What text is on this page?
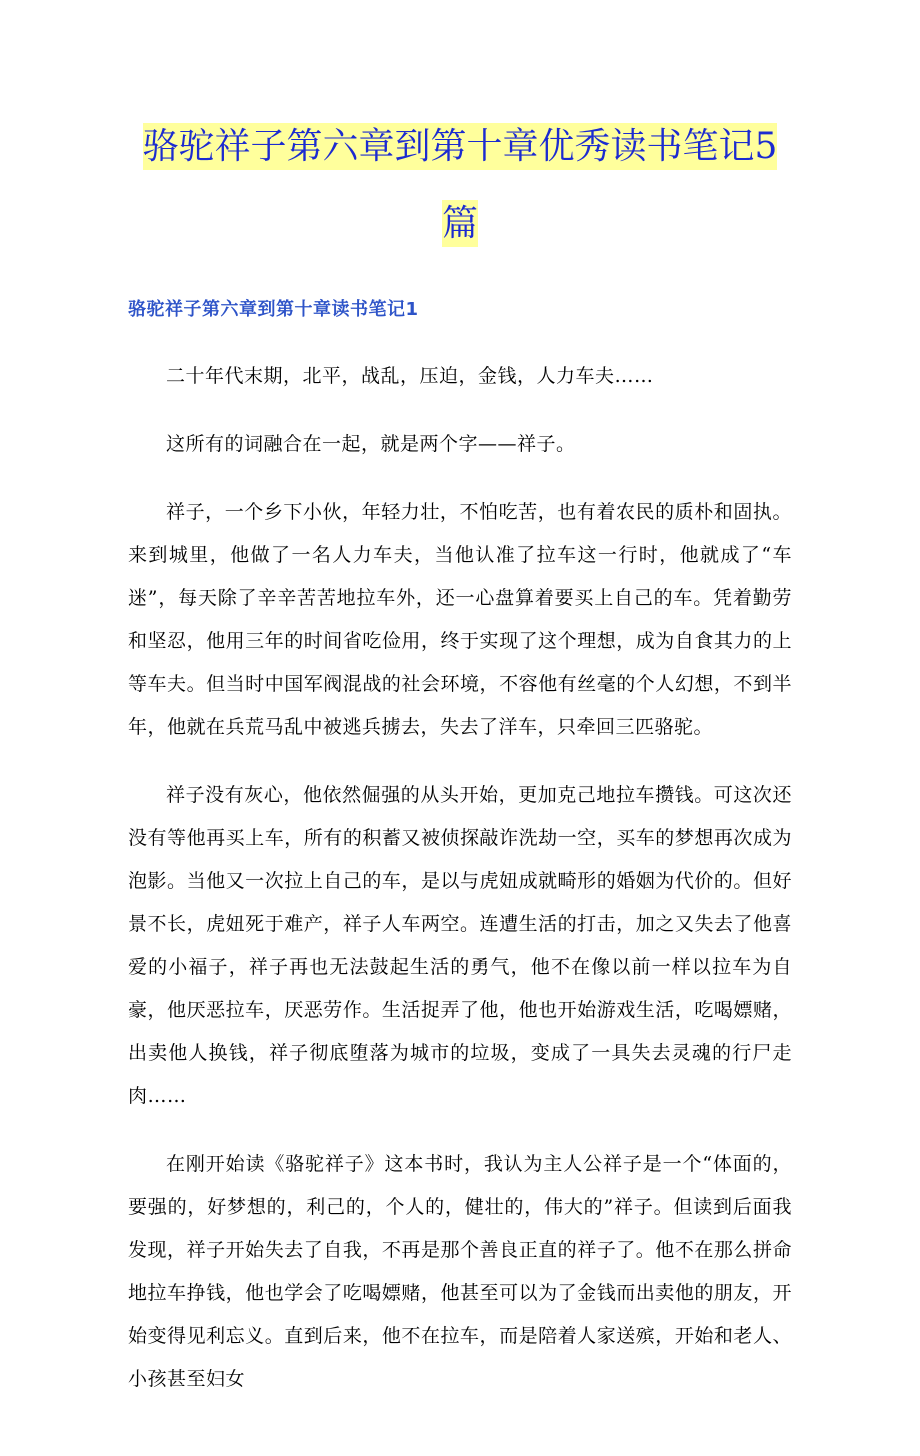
骆驼祥子第六章到第十章优秀读书笔记5篇
骆驼祥子第六章到第十章读书笔记1

二十年代末期，北平，战乱，压迫，金钱，人力车夫……

这所有的词融合在一起，就是两个字——祥子。

祥子，一个乡下小伙，年轻力壮，不怕吃苦，也有着农民的质朴和固执。来到城里，他做了一名人力车夫，当他认准了拉车这一行时，他就成了“车迷”，每天除了辛辛苦苦地拉车外，还一心盘算着要买上自己的车。凭着勤劳和坚忍，他用三年的时间省吃俭用，终于实现了这个理想，成为自食其力的上等车夫。但当时中国军阀混战的社会环境，不容他有丝毫的个人幻想，不到半年，他就在兵荒马乱中被逃兵掳去，失去了洋车，只牵回三匹骆驼。

祥子没有灰心，他依然倔强的从头开始，更加克己地拉车攒钱。可这次还没有等他再买上车，所有的积蓄又被侦探敲诈洗劫一空，买车的梦想再次成为泡影。当他又一次拉上自己的车，是以与虎妞成就畸形的婚姻为代价的。但好景不长，虎妞死于难产，祥子人车两空。连遭生活的打击，加之又失去了他喜爱的小福子，祥子再也无法鼓起生活的勇气，他不在像以前一样以拉车为自豪，他厌恶拉车，厌恶劳作。生活捉弄了他，他也开始游戏生活，吃喝嫖赌，出卖他人换钱，祥子彻底堕落为城市的垃圾，变成了一具失去灵魂的行尸走肉……

在刚开始读《骆驼祥子》这本书时，我认为主人公祥子是一个“体面的，要强的，好梦想的，利己的，个人的，健壮的，伟大的”祥子。但读到后面我发现，祥子开始失去了自我，不再是那个善良正直的祥子了。他不在那么拼命地拉车挣钱，他也学会了吃喝嫖赌，他甚至可以为了金钱而出卖他的朋友，开始变得见利忘义。直到后来，他不在拉车，而是陪着人家送殡，开始和老人、小孩甚至妇女
